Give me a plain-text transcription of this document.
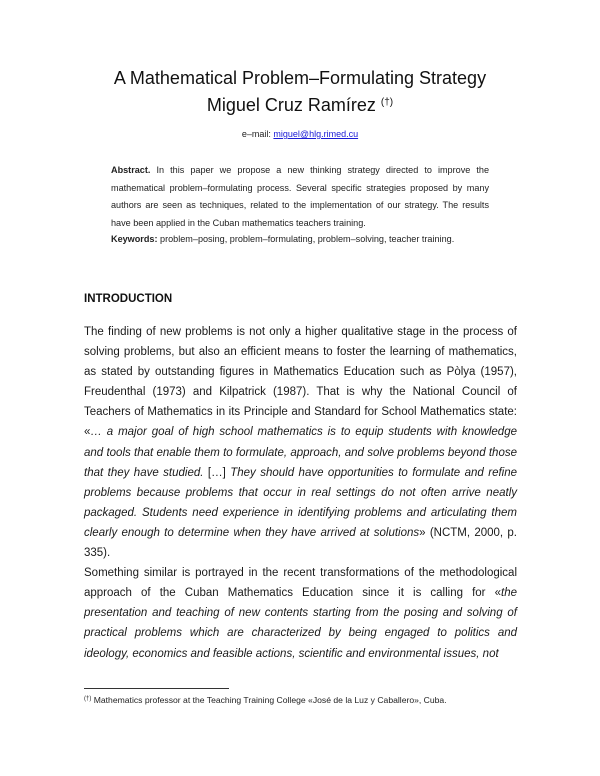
A Mathematical Problem–Formulating Strategy
Miguel Cruz Ramírez (†)
e–mail: miguel@hlg.rimed.cu
Abstract. In this paper we propose a new thinking strategy directed to improve the mathematical problem–formulating process. Several specific strategies proposed by many authors are seen as techniques, related to the implementation of our strategy. The results have been applied in the Cuban mathematics teachers training.
Keywords: problem–posing, problem–formulating, problem–solving, teacher training.
INTRODUCTION

The finding of new problems is not only a higher qualitative stage in the process of solving problems, but also an efficient means to foster the learning of mathematics, as stated by outstanding figures in Mathematics Education such as Pòlya (1957), Freudenthal (1973) and Kilpatrick (1987). That is why the National Council of Teachers of Mathematics in its Principle and Standard for School Mathematics state: «… a major goal of high school mathematics is to equip students with knowledge and tools that enable them to formulate, approach, and solve problems beyond those that they have studied. […] They should have opportunities to formulate and refine problems because problems that occur in real settings do not often arrive neatly packaged. Students need experience in identifying problems and articulating them clearly enough to determine when they have arrived at solutions» (NCTM, 2000, p. 335).

Something similar is portrayed in the recent transformations of the methodological approach of the Cuban Mathematics Education since it is calling for «the presentation and teaching of new contents starting from the posing and solving of practical problems which are characterized by being engaged to politics and ideology, economics and feasible actions, scientific and environmental issues, not

(†) Mathematics professor at the Teaching Training College «José de la Luz y Caballero», Cuba.
